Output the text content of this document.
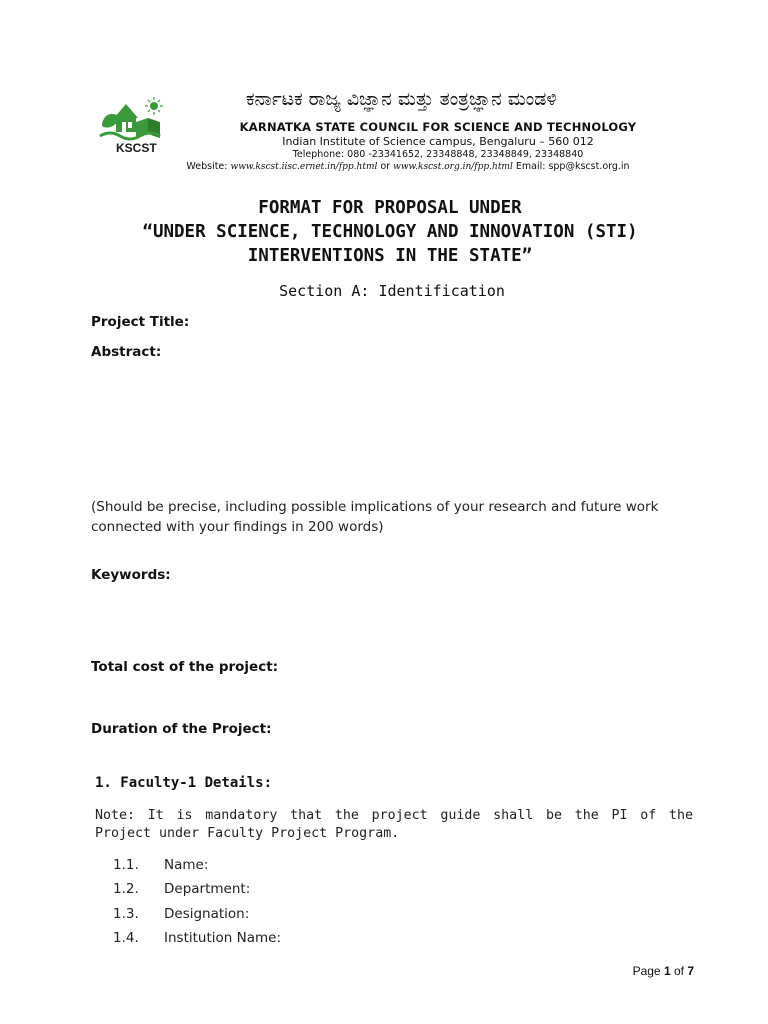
KSCST
ಕರ್ನಾಟಕ ರಾಜ್ಯ ವಿಜ್ಞಾನ ಮತ್ತು ತಂತ್ರಜ್ಞಾನ ಮಂಡಳಿ
KARNATKA STATE COUNCIL FOR SCIENCE AND TECHNOLOGY
Indian Institute of Science campus, Bengaluru – 560 012
Telephone: 080 -23341652, 23348848, 23348849, 23348840
Website: www.kscst.iisc.ernet.in/fpp.html or www.kscst.org.in/fpp.html Email: spp@kscst.org.in
FORMAT FOR PROPOSAL UNDER
“UNDER SCIENCE, TECHNOLOGY AND INNOVATION (STI)
INTERVENTIONS IN THE STATE”
Section A: Identification
Project Title:
Abstract:
(Should be precise, including possible implications of your research and future work connected with your findings in 200 words)
Keywords:
Total cost of the project:
Duration of the Project:
1. Faculty-1 Details:
Note: It is mandatory that the project guide shall be the PI of the Project under Faculty Project Program.
1.1. Name:
1.2. Department:
1.3. Designation:
1.4. Institution Name:
Page 1 of 7
